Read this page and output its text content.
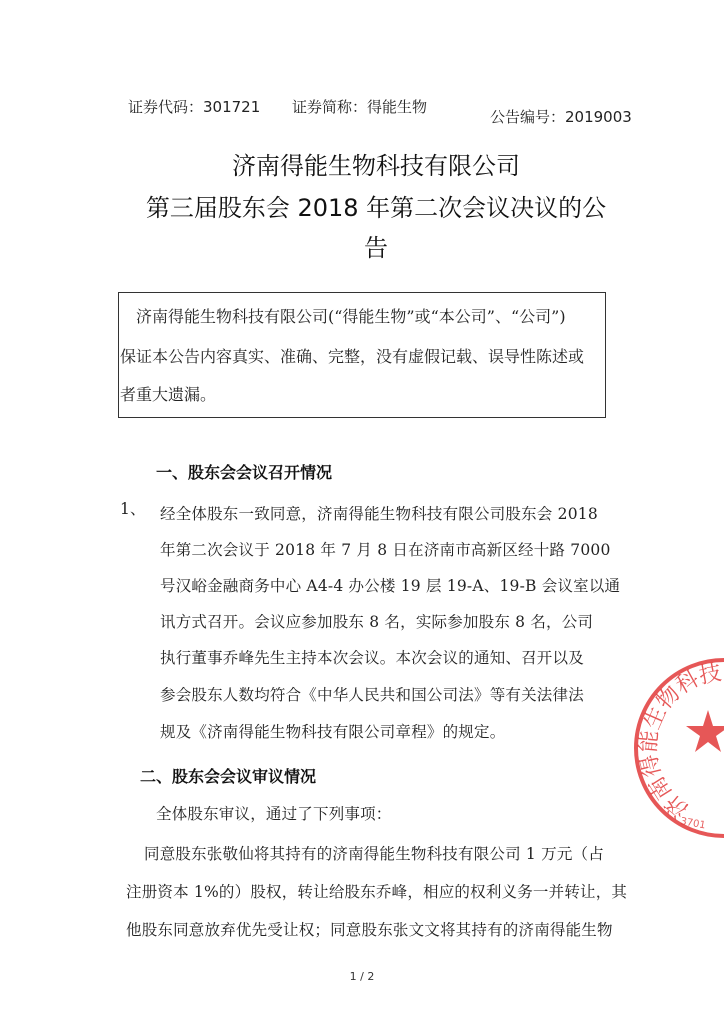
证券代码：301721 证券简称：得能生物
公告编号：2019003
济南得能生物科技有限公司
第三届股东会 2018 年第二次会议决议的公
告
济南得能生物科技有限公司(“得能生物”或“本公司”、“公司”)
保证本公告内容真实、准确、完整，没有虚假记载、误导性陈述或
者重大遗漏。
一、股东会会议召开情况
1、 经全体股东一致同意，济南得能生物科技有限公司股东会 2018
年第二次会议于 2018 年 7 月 8 日在济南市高新区经十路 7000
号汉峪金融商务中心 A4-4 办公楼 19 层 19-A、19-B 会议室以通
讯方式召开。会议应参加股东 8 名，实际参加股东 8 名，公司
执行董事乔峰先生主持本次会议。本次会议的通知、召开以及
参会股东人数均符合《中华人民共和国公司法》等有关法律法
规及《济南得能生物科技有限公司章程》的规定。
二、股东会会议审议情况
全体股东审议，通过了下列事项：
同意股东张敬仙将其持有的济南得能生物科技有限公司 1 万元（占
注册资本 1%的）股权，转让给股东乔峰，相应的权利义务一并转让，其
他股东同意放弃优先受让权；同意股东张文文将其持有的济南得能生物
1 / 2
济南得能生物科技
3701
